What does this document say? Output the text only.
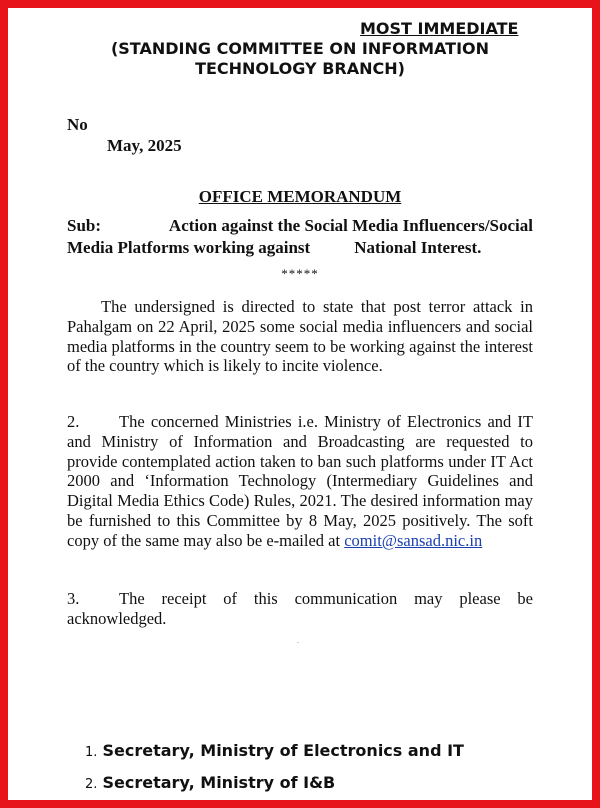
MOST IMMEDIATE
(STANDING COMMITTEE ON INFORMATION
TECHNOLOGY BRANCH)
No
May, 2025
OFFICE MEMORANDUM
Sub:	Action against the Social Media Influencers/Social
Media Platforms working against	National Interest.
*****
The undersigned is directed to state that post terror attack in Pahalgam on 22 April, 2025 some social media influencers and social media platforms in the country seem to be working against the interest of the country which is likely to incite violence.
2. The concerned Ministries i.e. Ministry of Electronics and IT and Ministry of Information and Broadcasting are requested to provide contemplated action taken to ban such platforms under IT Act 2000 and ‘Information Technology (Intermediary Guidelines and Digital Media Ethics Code) Rules, 2021. The desired information may be furnished to this Committee by 8 May, 2025 positively. The soft copy of the same may also be e-mailed at comit@sansad.nic.in
3. The receipt of this communication may please be acknowledged.
.
1. Secretary, Ministry of Electronics and IT
2. Secretary, Ministry of I&B
